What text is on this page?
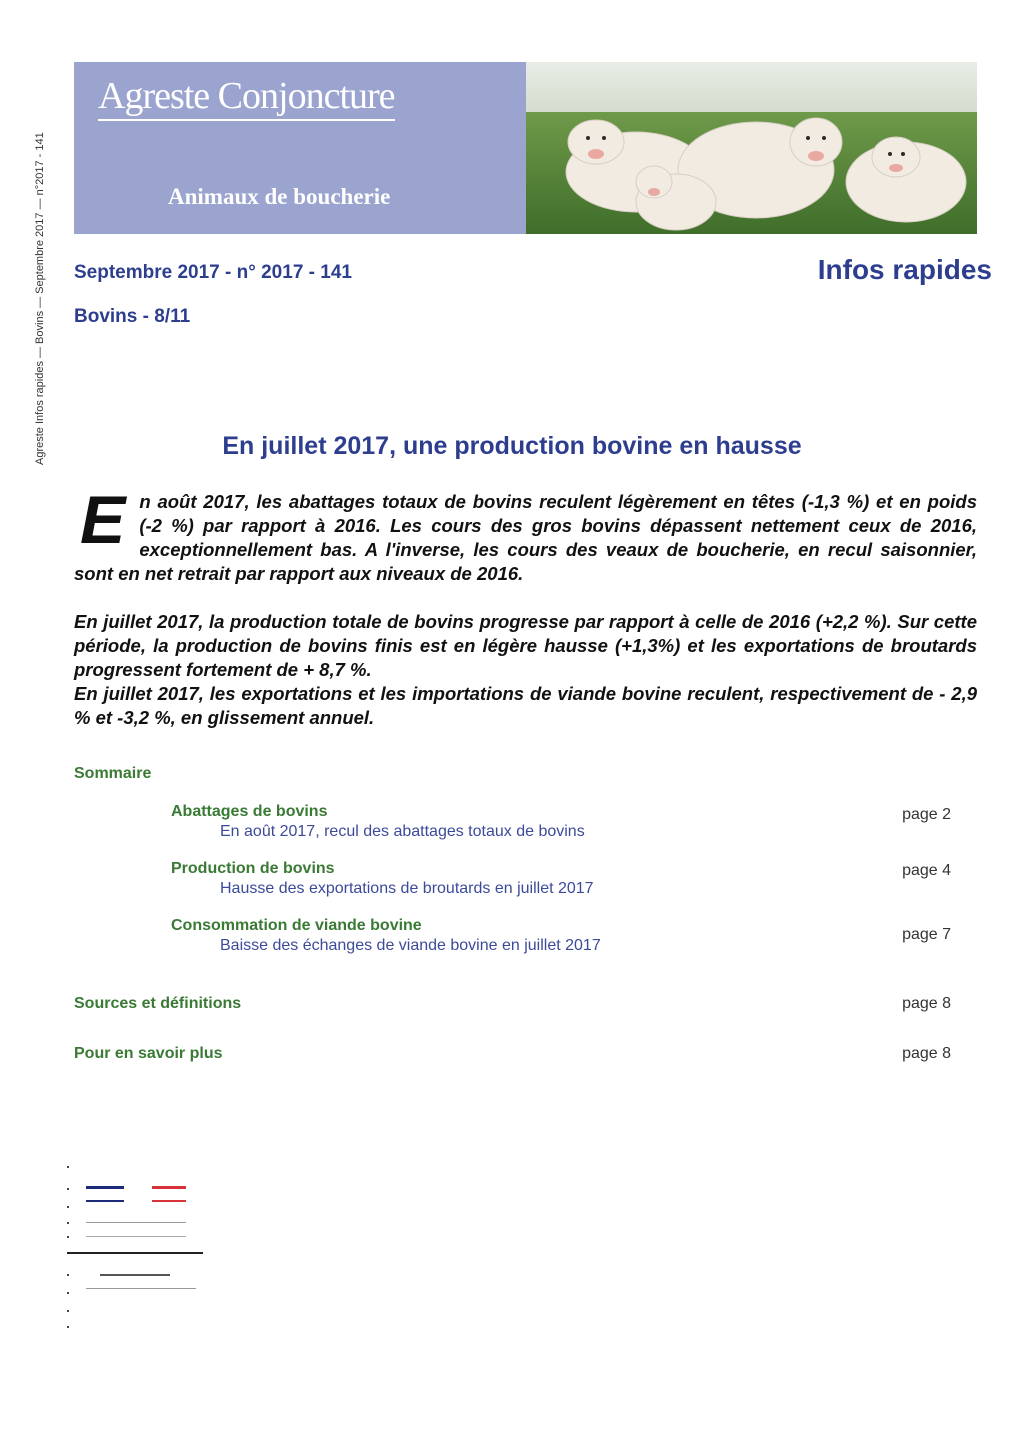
Agreste Infos rapides — Bovins — Septembre 2017 — n°2017 - 141
Agreste Conjoncture
Animaux de boucherie
Septembre 2017 - n° 2017 - 141	Infos rapides
Bovins - 8/11
En juillet 2017, une production bovine en hausse

En août 2017, les abattages totaux de bovins reculent légèrement en têtes (-1,3 %) et en poids (-2 %) par rapport à 2016. Les cours des gros bovins dépassent nettement ceux de 2016, exceptionnellement bas. A l'inverse, les cours des veaux de boucherie, en recul saisonnier, sont en net retrait par rapport aux niveaux de 2016.

En juillet 2017, la production totale de bovins progresse par rapport à celle de 2016 (+2,2 %). Sur cette période, la production de bovins finis est en légère hausse (+1,3%) et les exportations de broutards progressent fortement de + 8,7 %.

En juillet 2017, les exportations et les importations de viande bovine reculent, respectivement de - 2,9 % et -3,2 %, en glissement annuel.

Sommaire
Abattages de bovins
En août 2017, recul des abattages totaux de bovins
page 2
Production de bovins
Hausse des exportations de broutards en juillet 2017
page 4
Consommation de viande bovine
Baisse des échanges de viande bovine en juillet 2017
page 7
Sources et définitions	page 8
Pour en savoir plus	page 8
